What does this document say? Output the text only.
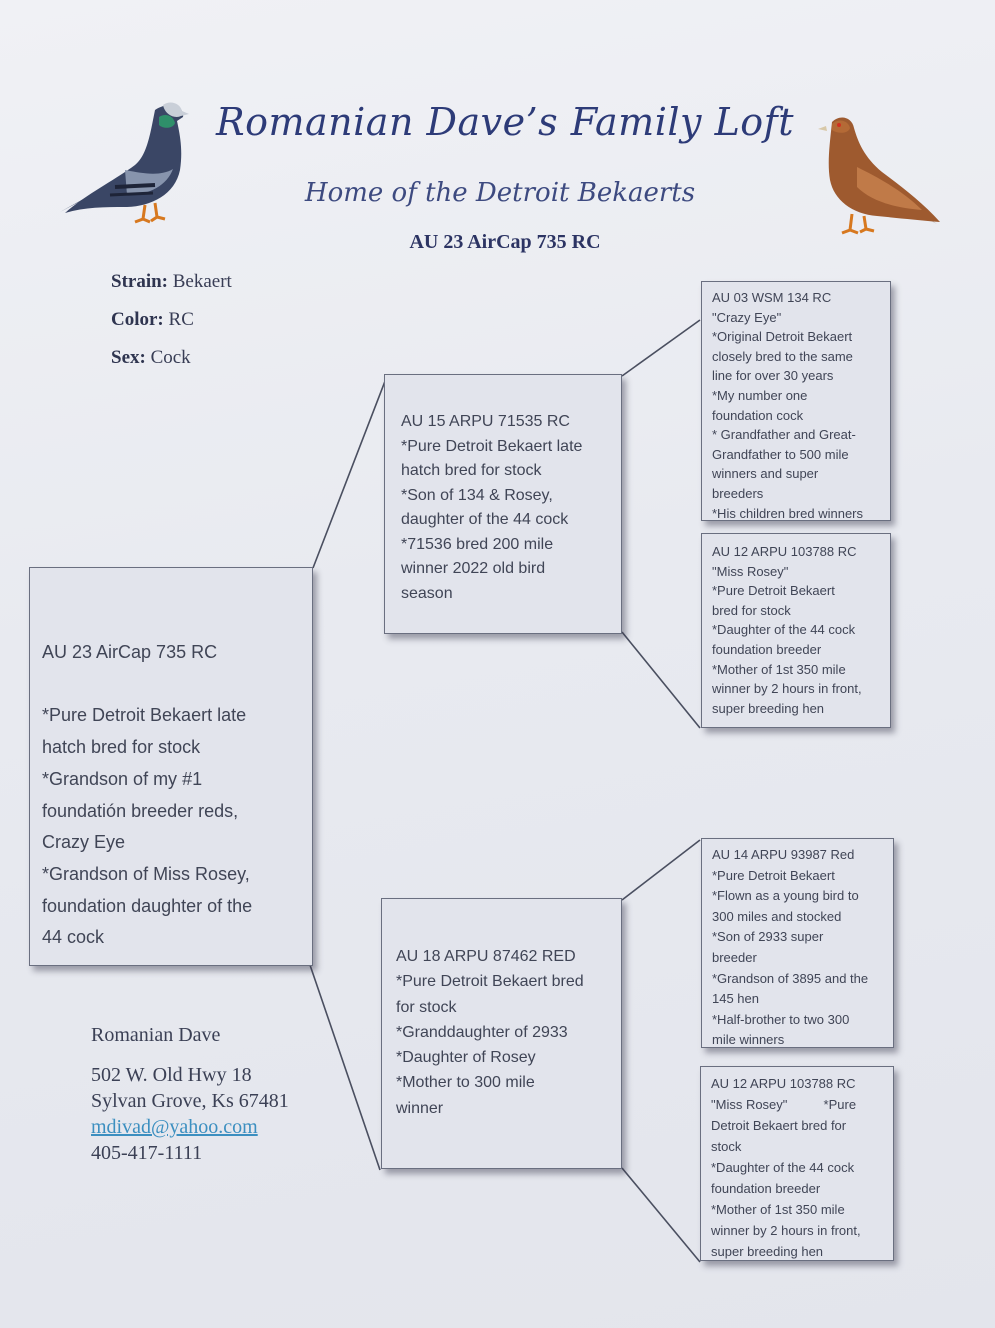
Romanian Dave’s Family Loft
Home of the Detroit Bekaerts
AU 23 AirCap 735 RC
Strain: Bekaert
Color: RC
Sex: Cock

AU 23 AirCap 735 RC

*Pure Detroit Bekaert late

hatch bred for stock

*Grandson of my #1

foundatión breeder reds,

Crazy Eye

*Grandson of Miss Rosey,

foundation daughter of the

44 cock

AU 15 ARPU 71535 RC

*Pure Detroit Bekaert late

hatch bred for stock

*Son of 134 & Rosey,

daughter of the 44 cock

*71536 bred 200 mile

winner 2022 old bird

season

AU 18 ARPU 87462 RED

*Pure Detroit Bekaert bred

for stock

*Granddaughter of 2933

*Daughter of Rosey

*Mother to 300 mile

winner

AU 03 WSM 134 RC

"Crazy Eye"

*Original Detroit Bekaert

closely bred to the same

line for over 30 years

*My number one

foundation cock

* Grandfather and Great-

Grandfather to 500 mile

winners and super

breeders

*His children bred winners

AU 12 ARPU 103788 RC

"Miss Rosey"

*Pure Detroit Bekaert

bred for stock

*Daughter of the 44 cock

foundation breeder

*Mother of 1st 350 mile

winner by 2 hours in front,

super breeding hen

AU 14 ARPU 93987 Red

*Pure Detroit Bekaert

*Flown as a young bird to

300 miles and stocked

*Son of 2933 super

breeder

*Grandson of 3895 and the

145 hen

*Half-brother to two 300

mile winners

AU 12 ARPU 103788 RC

"Miss Rosey"          *Pure

Detroit Bekaert bred for

stock

*Daughter of the 44 cock

foundation breeder

*Mother of 1st 350 mile

winner by 2 hours in front,

super breeding hen

Romanian Dave
502 W. Old Hwy 18
Sylvan Grove, Ks 67481
mdivad@yahoo.com
405-417-1111
